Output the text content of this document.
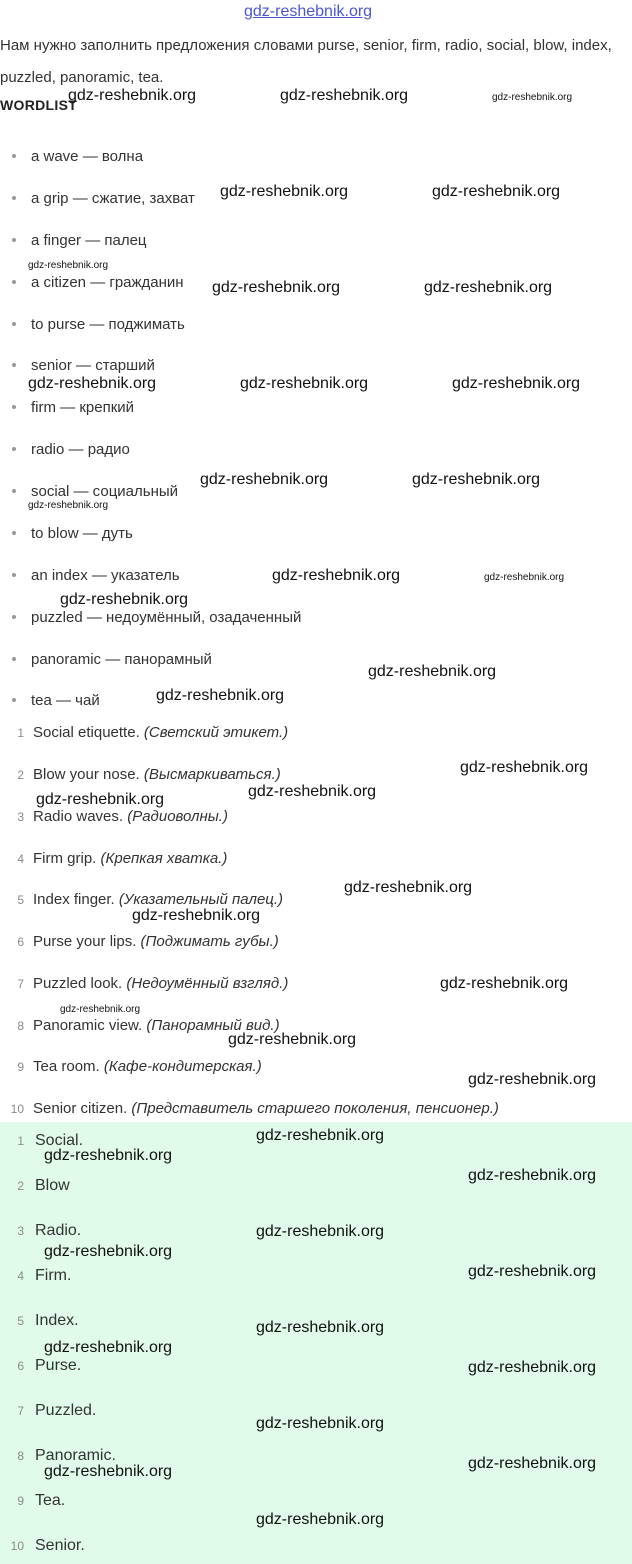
gdz-reshebnik.org
Нам нужно заполнить предложения словами purse, senior, firm, radio, social, blow, index, puzzled, panoramic, tea.
WORDLIST
a wave — волна
a grip — сжатие, захват
a finger — палец
a citizen — гражданин
to purse — поджимать
senior — старший
firm — крепкий
radio — радио
social — социальный
to blow — дуть
an index — указатель
puzzled — недоумённый, озадаченный
panoramic — панорамный
tea — чай
1 Social etiquette. (Светский этикет.)
2 Blow your nose. (Высмаркиваться.)
3 Radio waves. (Радиоволны.)
4 Firm grip. (Крепкая хватка.)
5 Index finger. (Указательный палец.)
6 Purse your lips. (Поджимать губы.)
7 Puzzled look. (Недоумённый взгляд.)
8 Panoramic view. (Панорамный вид.)
9 Tea room. (Кафе-кондитерская.)
10 Senior citizen. (Представитель старшего поколения, пенсионер.)
1 Social.
2 Blow
3 Radio.
4 Firm.
5 Index.
6 Purse.
7 Puzzled.
8 Panoramic.
9 Tea.
10 Senior.
gdz-reshebnik.org	gdz-reshebnik.org	gdz-reshebnik.org
gdz-reshebnik.org	gdz-reshebnik.org
gdz-reshebnik.org
gdz-reshebnik.org	gdz-reshebnik.org
gdz-reshebnik.org	gdz-reshebnik.org	gdz-reshebnik.org
gdz-reshebnik.org	gdz-reshebnik.org
gdz-reshebnik.org
gdz-reshebnik.org	gdz-reshebnik.org
gdz-reshebnik.org
gdz-reshebnik.org
gdz-reshebnik.org
gdz-reshebnik.org
gdz-reshebnik.org
gdz-reshebnik.org
gdz-reshebnik.org
gdz-reshebnik.org
gdz-reshebnik.org
gdz-reshebnik.org
gdz-reshebnik.org
gdz-reshebnik.org
gdz-reshebnik.org
gdz-reshebnik.org
gdz-reshebnik.org
gdz-reshebnik.org
gdz-reshebnik.org
gdz-reshebnik.org
gdz-reshebnik.org
gdz-reshebnik.org
gdz-reshebnik.org
gdz-reshebnik.org
gdz-reshebnik.org	gdz-reshebnik.org
gdz-reshebnik.org
